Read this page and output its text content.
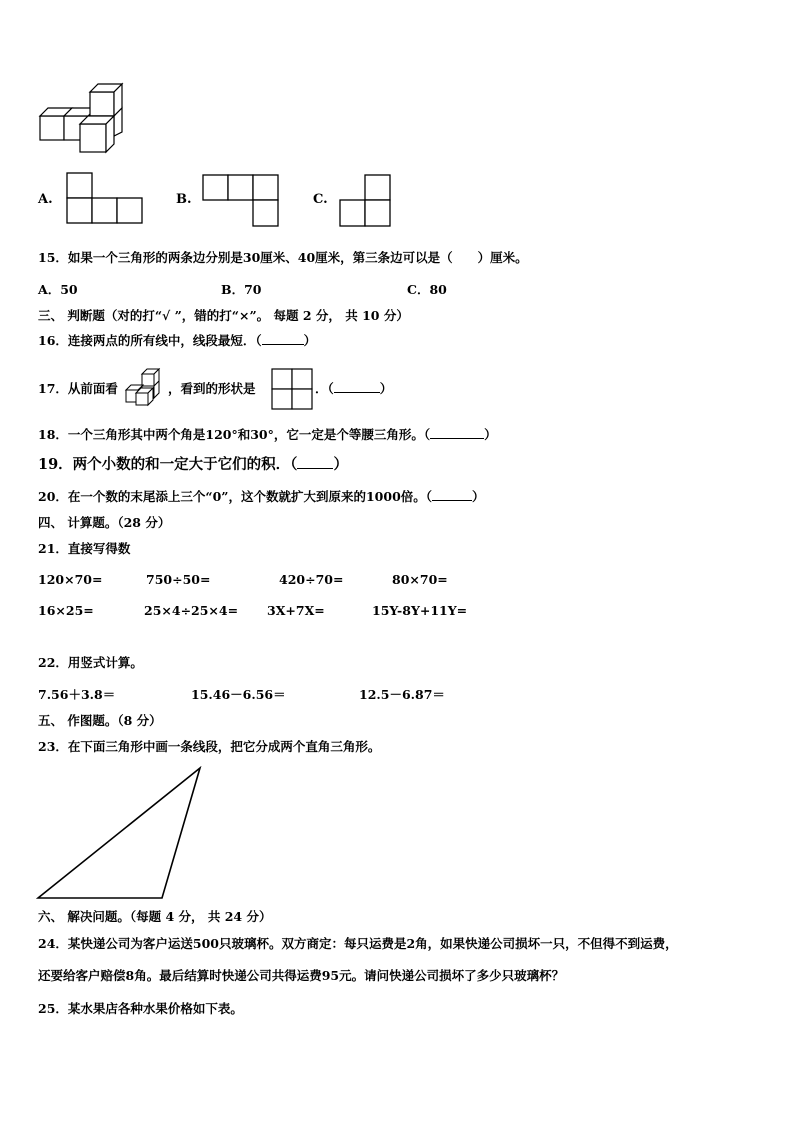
A.	B.	C.
15．如果一个三角形的两条边分别是30厘米、40厘米，第三条边可以是（　　）厘米。
A．50	B．70	C．80
三、 判断题（对的打“√ ”，错的打“×”。 每题 2 分， 共 10 分）
16．连接两点的所有线中，线段最短．（	）
17．从前面看	，看到的形状是	．（	）
18．一个三角形其中两个角是120°和30°，它一定是个等腰三角形。（	）
19．两个小数的和一定大于它们的积．（ ）
20．在一个数的末尾添上三个“0”，这个数就扩大到原来的1000倍。（	）
四、 计算题。（28 分）
21．直接写得数
120×70=	750÷50=	420÷70=	80×70=
16×25=	25×4÷25×4= 3X+7X=	15Y-8Y+11Y=
22．用竖式计算。
7.56＋3.8＝	15.46－6.56＝	12.5－6.87＝
五、 作图题。（8 分）
23．在下面三角形中画一条线段，把它分成两个直角三角形。
六、 解决问题。（每题 4 分， 共 24 分）
24．某快递公司为客户运送500只玻璃杯。双方商定：每只运费是2角，如果快递公司损坏一只，不但得不到运费，
还要给客户赔偿8角。最后结算时快递公司共得运费95元。请问快递公司损坏了多少只玻璃杯？
25．某水果店各种水果价格如下表。
